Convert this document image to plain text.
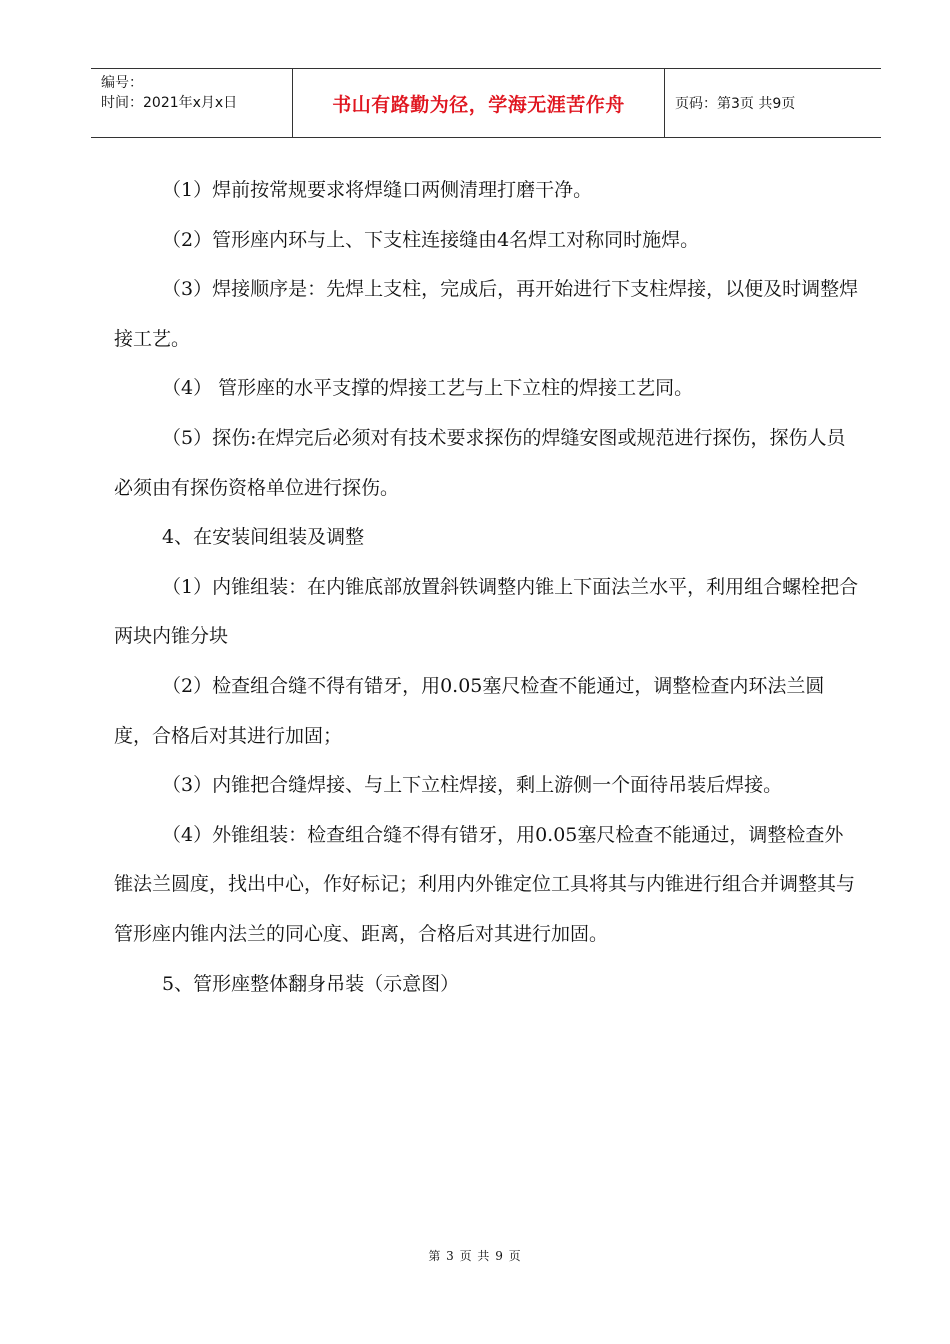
编号：
时间：2021年x月x日	书山有路勤为径，学海无涯苦作舟	页码：第3页 共9页

（1）焊前按常规要求将焊缝口两侧清理打磨干净。

（2）管形座内环与上、下支柱连接缝由4名焊工对称同时施焊。

（3）焊接顺序是：先焊上支柱，完成后，再开始进行下支柱焊接，以便及时调整焊接工艺。

（4） 管形座的水平支撑的焊接工艺与上下立柱的焊接工艺同。

（5）探伤:在焊完后必须对有技术要求探伤的焊缝安图或规范进行探伤，探伤人员必须由有探伤资格单位进行探伤。

4、在安装间组装及调整

（1）内锥组装：在内锥底部放置斜铁调整内锥上下面法兰水平，利用组合螺栓把合两块内锥分块

（2）检查组合缝不得有错牙，用0.05塞尺检查不能通过，调整检查内环法兰圆度，合格后对其进行加固；

（3）内锥把合缝焊接、与上下立柱焊接，剩上游侧一个面待吊装后焊接。

（4）外锥组装：检查组合缝不得有错牙，用0.05塞尺检查不能通过，调整检查外锥法兰圆度，找出中心，作好标记；利用内外锥定位工具将其与内锥进行组合并调整其与管形座内锥内法兰的同心度、距离，合格后对其进行加固。

5、管形座整体翻身吊装（示意图）

第 3 页 共 9 页
